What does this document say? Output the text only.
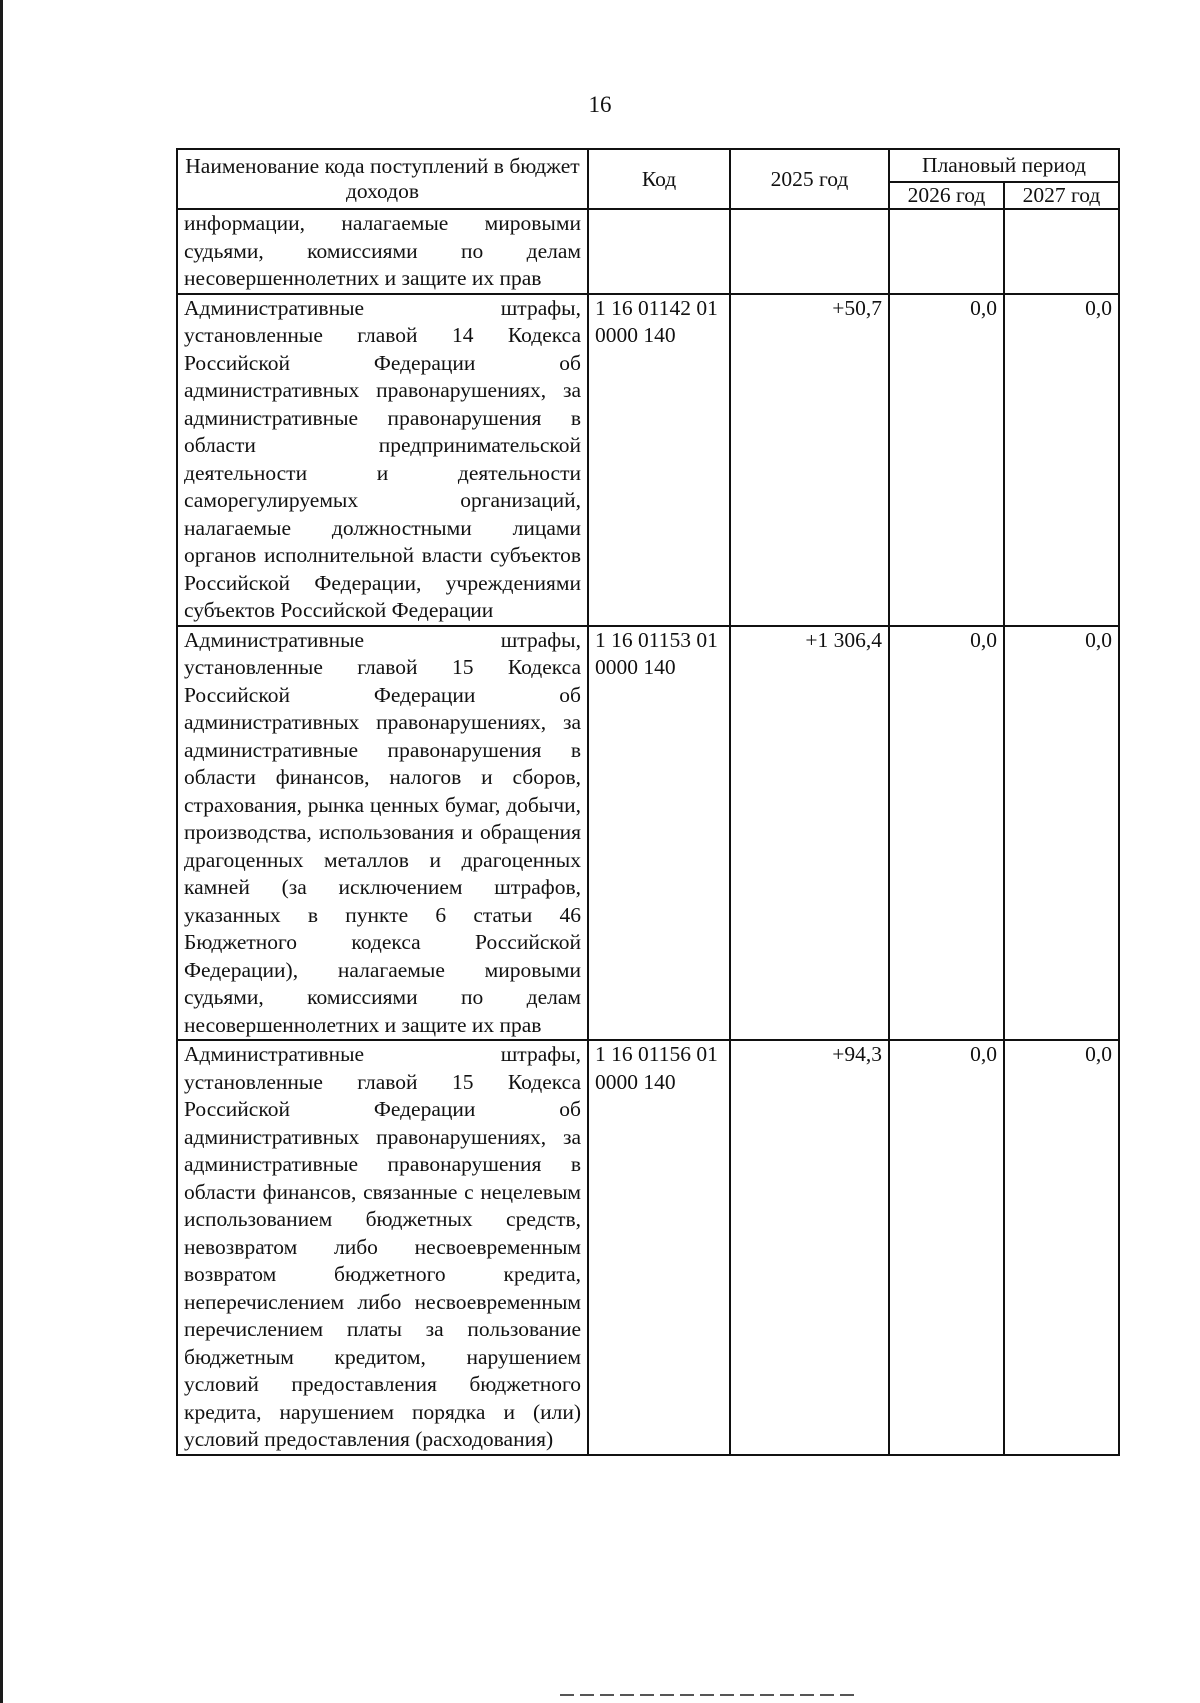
16
Наименование кода поступлений в бюджет доходов	Код	2025 год	Плановый период	
			2026 год	2027 год
информации, налагаемые мировыми судьями, комиссиями по делам несовершеннолетних и защите их прав				
Административные штрафы, установленные главой 14 Кодекса Российской Федерации об административных правонарушениях, за административные правонарушения в области предпринимательской деятельности и деятельности саморегулируемых организаций, налагаемые должностными лицами органов исполнительной власти субъектов Российской Федерации, учреждениями субъектов Российской Федерации	1 16 01142 01 0000 140	+50,7	0,0	0,0
Административные штрафы, установленные главой 15 Кодекса Российской Федерации об административных правонарушениях, за административные правонарушения в области финансов, налогов и сборов, страхования, рынка ценных бумаг, добычи, производства, использования и обращения драгоценных металлов и драгоценных камней (за исключением штрафов, указанных в пункте 6 статьи 46 Бюджетного кодекса Российской Федерации), налагаемые мировыми судьями, комиссиями по делам несовершеннолетних и защите их прав	1 16 01153 01 0000 140	+1 306,4	0,0	0,0
Административные штрафы, установленные главой 15 Кодекса Российской Федерации об административных правонарушениях, за административные правонарушения в области финансов, связанные с нецелевым использованием бюджетных средств, невозвратом либо несвоевременным возвратом бюджетного кредита, неперечислением либо несвоевременным перечислением платы за пользование бюджетным кредитом, нарушением условий предоставления бюджетного кредита, нарушением порядка и (или) условий предоставления (расходования)	1 16 01156 01 0000 140	+94,3	0,0	0,0
